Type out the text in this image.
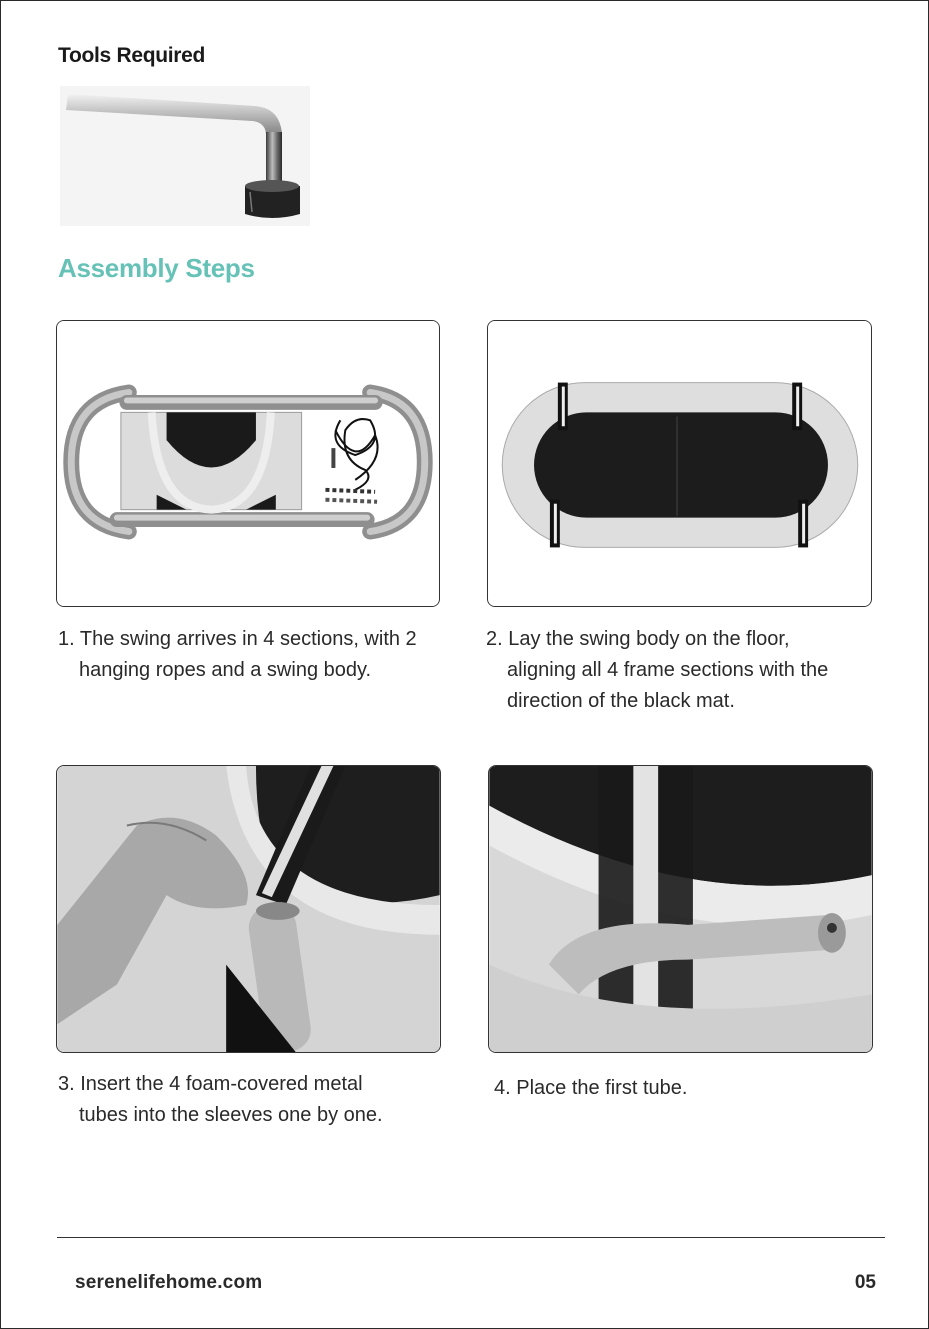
Tools Required
Assembly Steps
1. The swing arrives in 4 sections, with 2
hanging ropes and a swing body.
2. Lay the swing body on the floor,
aligning all 4 frame sections with the
direction of the black mat.
3. Insert the 4 foam-covered metal
tubes into the sleeves one by one.
4. Place the first tube.
serenelifehome.com	05
